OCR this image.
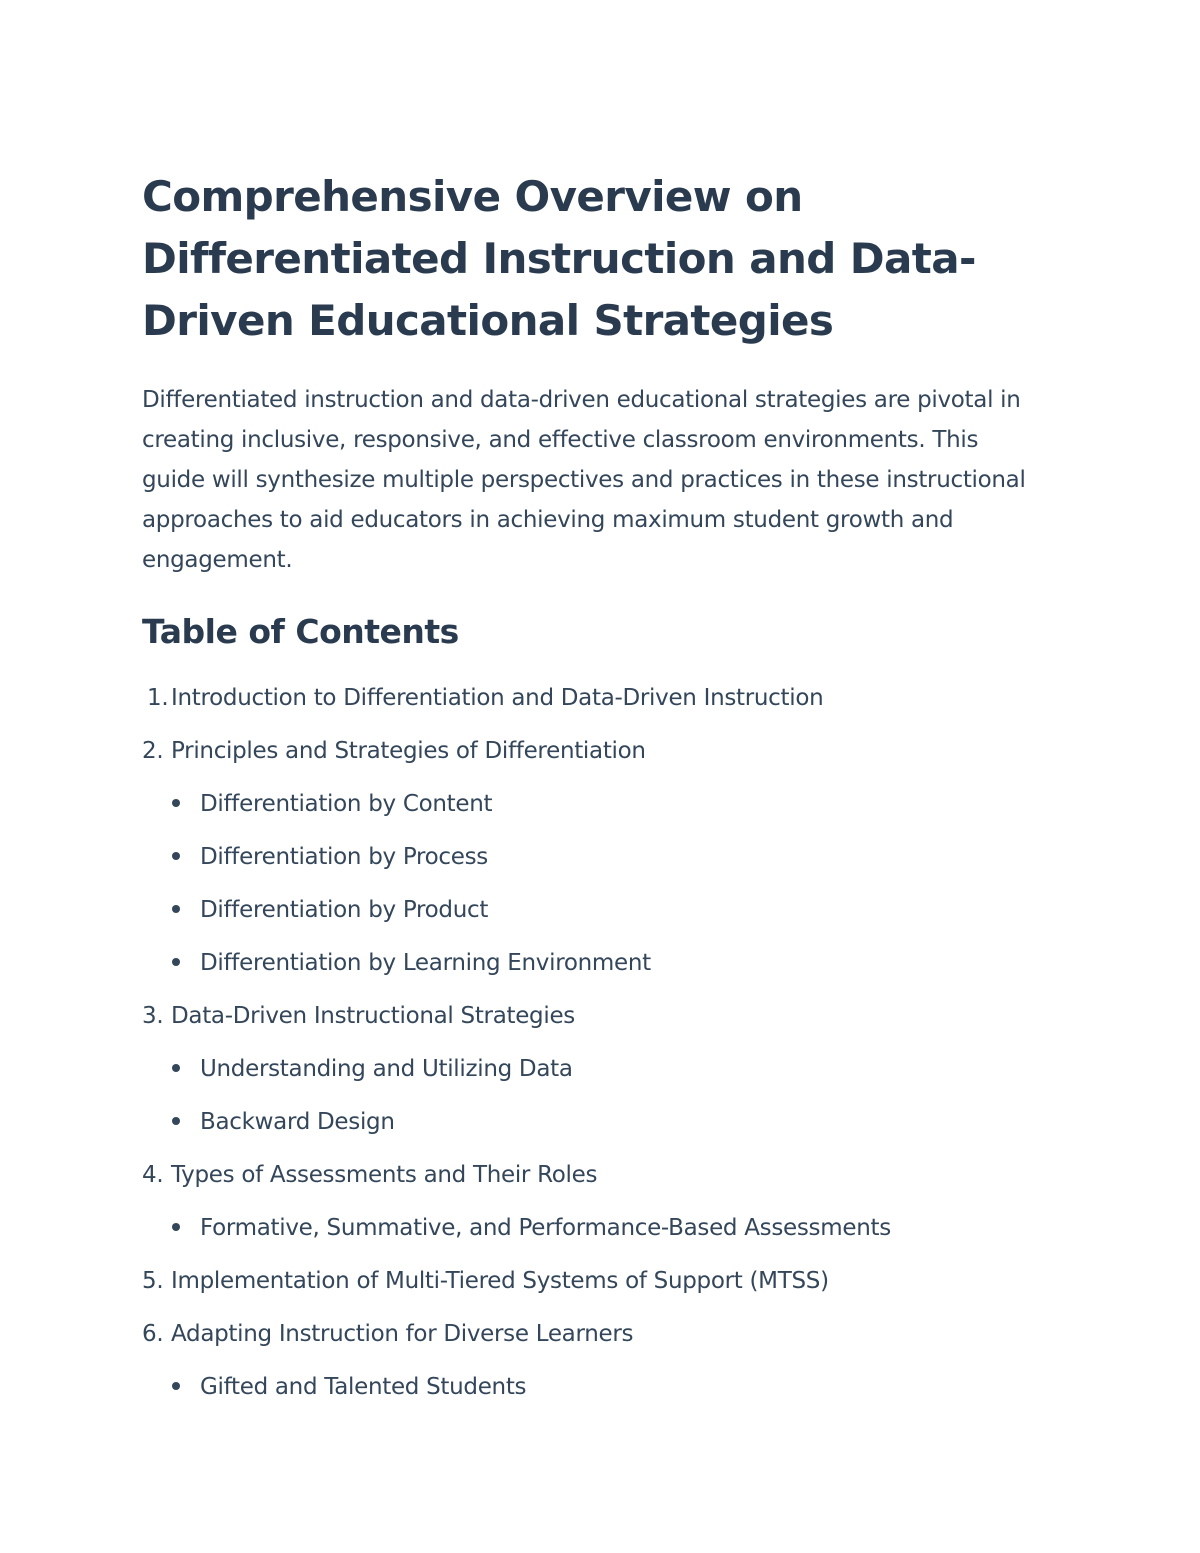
Comprehensive Overview on Differentiated Instruction and Data-Driven Educational Strategies

Differentiated instruction and data-driven educational strategies are pivotal in creating inclusive, responsive, and effective classroom environments. This guide will synthesize multiple perspectives and practices in these instructional approaches to aid educators in achieving maximum student growth and engagement.

Table of Contents
1. Introduction to Differentiation and Data-Driven Instruction
2. Principles and Strategies of Differentiation
Differentiation by Content
Differentiation by Process
Differentiation by Product
Differentiation by Learning Environment
3. Data-Driven Instructional Strategies
Understanding and Utilizing Data
Backward Design
4. Types of Assessments and Their Roles
Formative, Summative, and Performance-Based Assessments
5. Implementation of Multi-Tiered Systems of Support (MTSS)
6. Adapting Instruction for Diverse Learners
Gifted and Talented Students
